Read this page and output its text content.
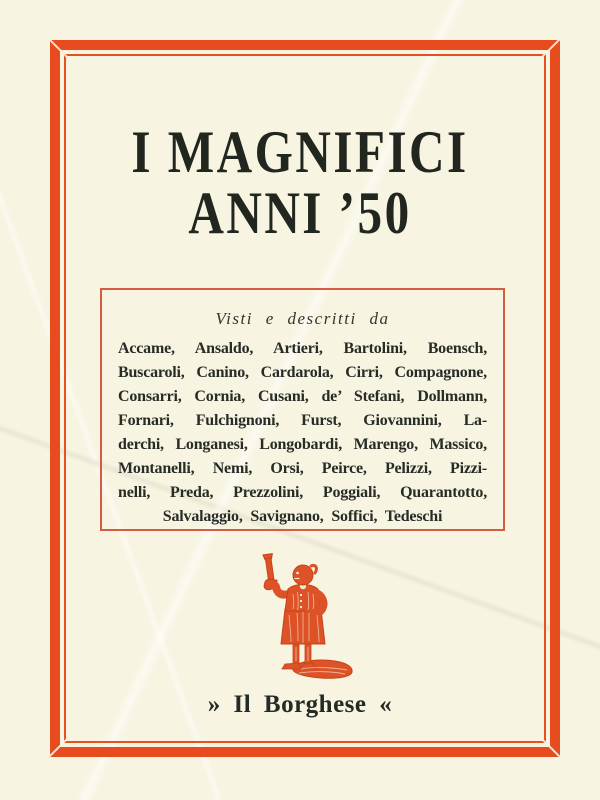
I MAGNIFICI
ANNI ’50
Visti e descritti da
Accame, Ansaldo, Artieri, Bartolini, Boensch,
Buscaroli, Canino, Cardarola, Cirri, Compagnone,
Consarri, Cornia, Cusani, de’ Stefani, Dollmann,
Fornari, Fulchignoni, Furst, Giovannini, La-
derchi, Longanesi, Longobardi, Marengo, Massico,
Montanelli, Nemi, Orsi, Peirce, Pelizzi, Pizzi-
nelli, Preda, Prezzolini, Poggiali, Quarantotto,
Salvalaggio, Savignano, Soffici, Tedeschi
» Il Borghese «
